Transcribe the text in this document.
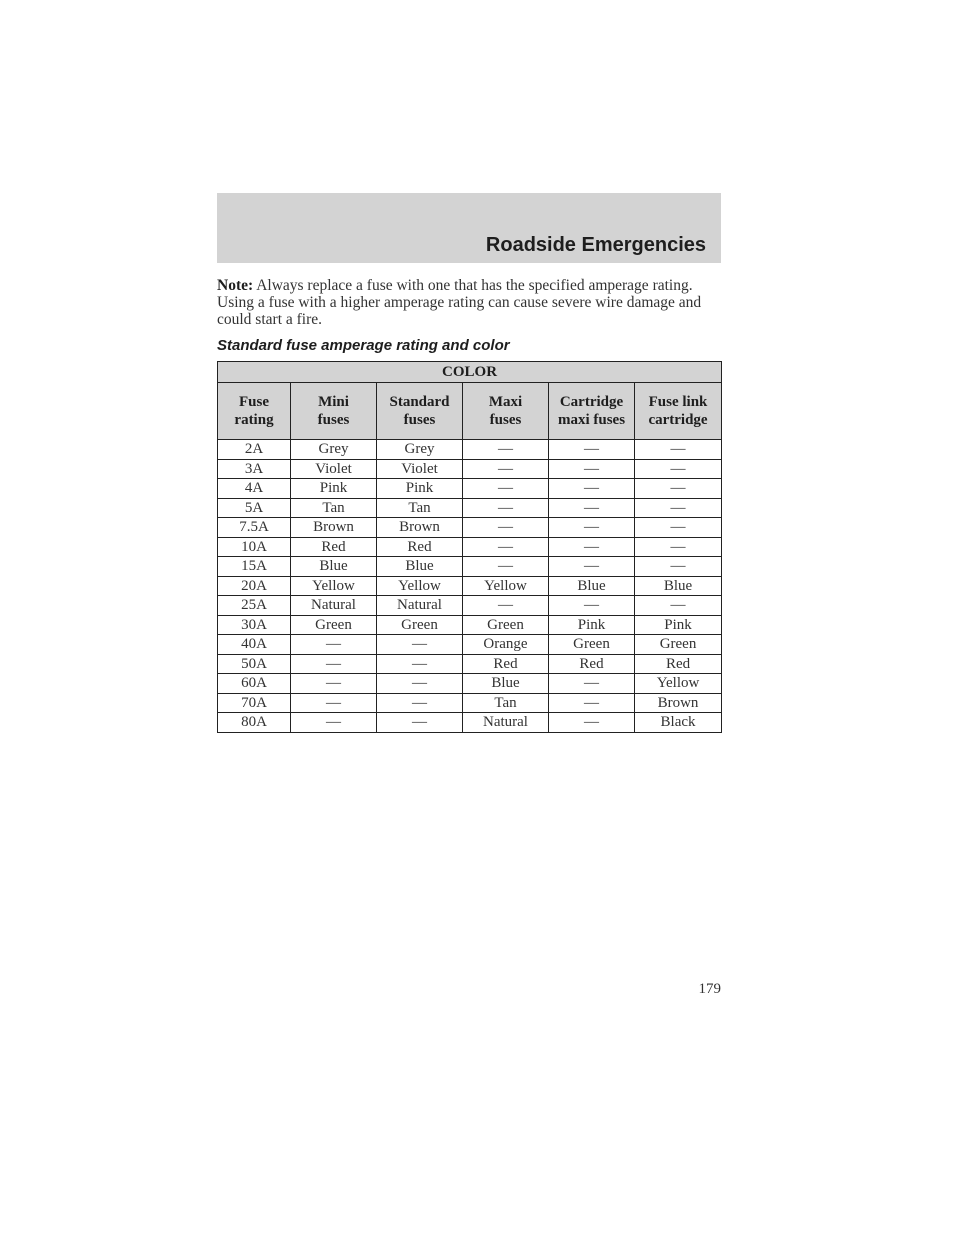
Roadside Emergencies
Note: Always replace a fuse with one that has the specified amperage rating. Using a fuse with a higher amperage rating can cause severe wire damage and could start a fire.
Standard fuse amperage rating and color
COLOR					
Fuse rating	Mini fuses	Standard fuses	Maxi fuses	Cartridge maxi fuses	Fuse link cartridge
2A	Grey	Grey	—	—	—
3A	Violet	Violet	—	—	—
4A	Pink	Pink	—	—	—
5A	Tan	Tan	—	—	—
7.5A	Brown	Brown	—	—	—
10A	Red	Red	—	—	—
15A	Blue	Blue	—	—	—
20A	Yellow	Yellow	Yellow	Blue	Blue
25A	Natural	Natural	—	—	—
30A	Green	Green	Green	Pink	Pink
40A	—	—	Orange	Green	Green
50A	—	—	Red	Red	Red
60A	—	—	Blue	—	Yellow
70A	—	—	Tan	—	Brown
80A	—	—	Natural	—	Black
179
